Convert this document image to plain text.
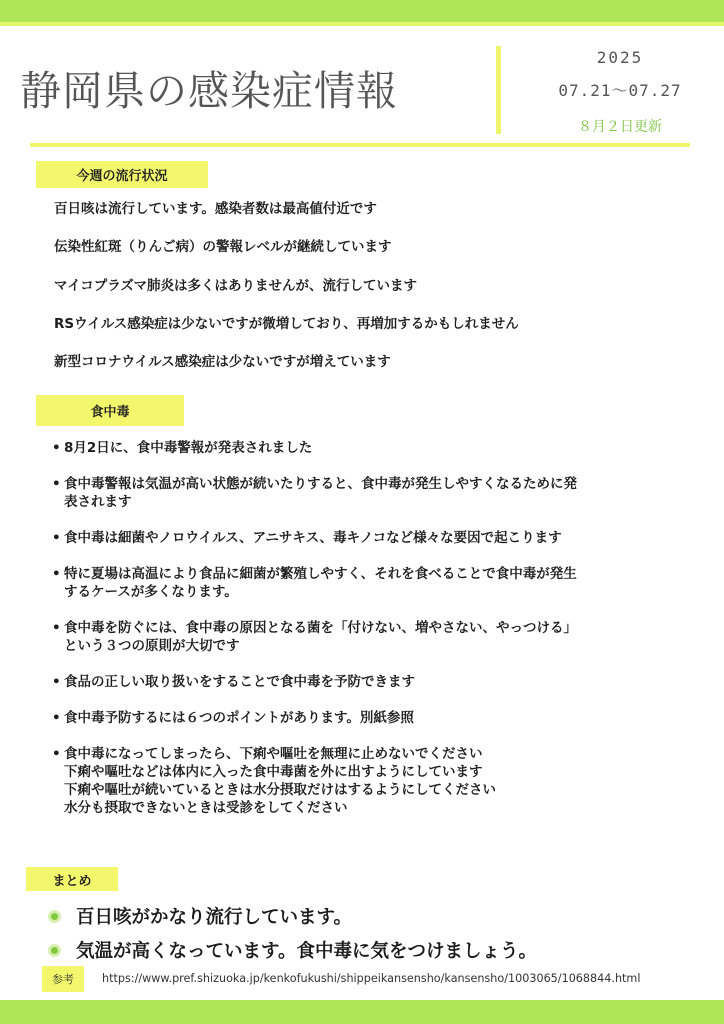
静岡県の感染症情報
2025
07.21〜07.27
８月２日更新
今週の流行状況
百日咳は流行しています。感染者数は最高値付近です
伝染性紅斑（りんご病）の警報レベルが継続しています
マイコプラズマ肺炎は多くはありませんが、流行しています
RSウイルス感染症は少ないですが微増しており、再増加するかもしれません
新型コロナウイルス感染症は少ないですが増えています
食中毒
• 8月2日に、食中毒警報が発表されました
• 食中毒警報は気温が高い状態が続いたりすると、食中毒が発生しやすくなるために発
表されます
• 食中毒は細菌やノロウイルス、アニサキス、毒キノコなど様々な要因で起こります
• 特に夏場は高温により食品に細菌が繁殖しやすく、それを食べることで食中毒が発生
するケースが多くなります。
• 食中毒を防ぐには、食中毒の原因となる菌を「付けない、増やさない、やっつける」
という３つの原則が大切です
• 食品の正しい取り扱いをすることで食中毒を予防できます
• 食中毒予防するには６つのポイントがあります。別紙参照
• 食中毒になってしまったら、下痢や嘔吐を無理に止めないでください
下痢や嘔吐などは体内に入った食中毒菌を外に出すようにしています
下痢や嘔吐が続いているときは水分摂取だけはするようにしてください
水分も摂取できないときは受診をしてください
まとめ
百日咳がかなり流行しています。
気温が高くなっています。食中毒に気をつけましょう。
参考	https://www.pref.shizuoka.jp/kenkofukushi/shippeikansensho/kansensho/1003065/1068844.html
